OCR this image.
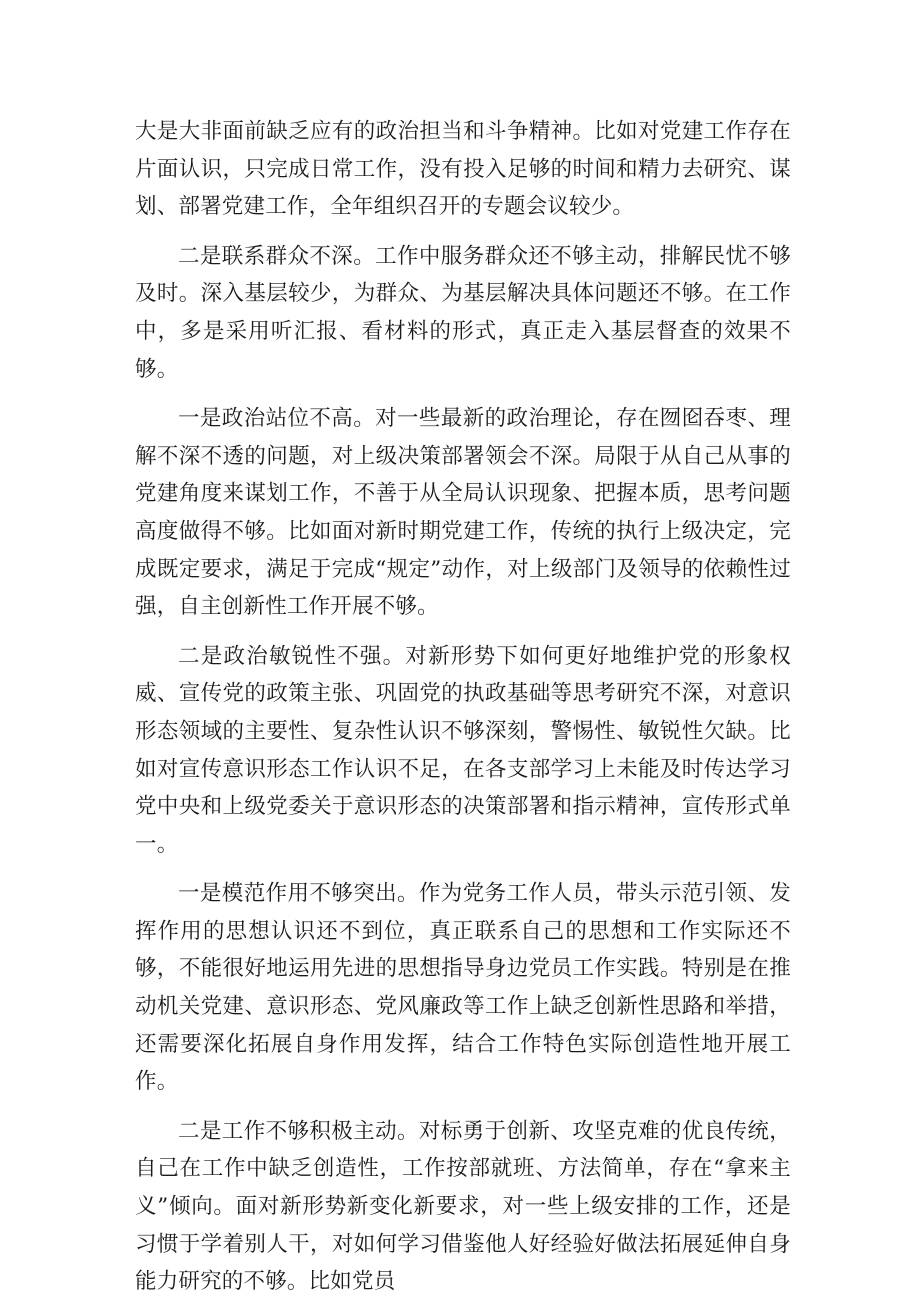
大是大非面前缺乏应有的政治担当和斗争精神。比如对党建工作存在片面认识，只完成日常工作，没有投入足够的时间和精力去研究、谋划、部署党建工作，全年组织召开的专题会议较少。

二是联系群众不深。工作中服务群众还不够主动，排解民忧不够及时。深入基层较少，为群众、为基层解决具体问题还不够。在工作中，多是采用听汇报、看材料的形式，真正走入基层督查的效果不够。

一是政治站位不高。对一些最新的政治理论，存在囫囵吞枣、理解不深不透的问题，对上级决策部署领会不深。局限于从自己从事的党建角度来谋划工作，不善于从全局认识现象、把握本质，思考问题高度做得不够。比如面对新时期党建工作，传统的执行上级决定，完成既定要求，满足于完成“规定”动作，对上级部门及领导的依赖性过强，自主创新性工作开展不够。

二是政治敏锐性不强。对新形势下如何更好地维护党的形象权威、宣传党的政策主张、巩固党的执政基础等思考研究不深，对意识形态领域的主要性、复杂性认识不够深刻，警惕性、敏锐性欠缺。比如对宣传意识形态工作认识不足，在各支部学习上未能及时传达学习党中央和上级党委关于意识形态的决策部署和指示精神，宣传形式单一。

一是模范作用不够突出。作为党务工作人员，带头示范引领、发挥作用的思想认识还不到位，真正联系自己的思想和工作实际还不够，不能很好地运用先进的思想指导身边党员工作实践。特别是在推动机关党建、意识形态、党风廉政等工作上缺乏创新性思路和举措，还需要深化拓展自身作用发挥，结合工作特色实际创造性地开展工作。

二是工作不够积极主动。对标勇于创新、攻坚克难的优良传统，自己在工作中缺乏创造性，工作按部就班、方法简单，存在“拿来主义”倾向。面对新形势新变化新要求，对一些上级安排的工作，还是习惯于学着别人干，对如何学习借鉴他人好经验好做法拓展延伸自身能力研究的不够。比如党员
